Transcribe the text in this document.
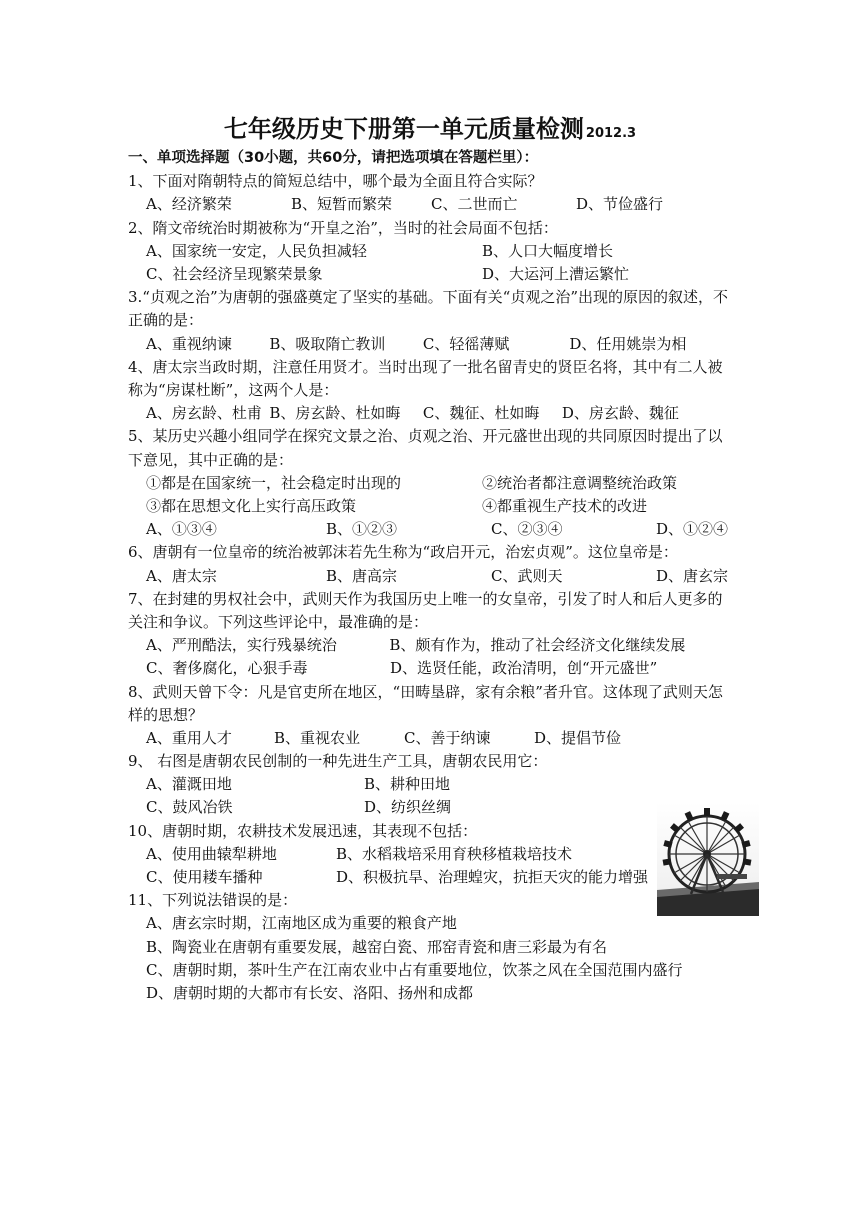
七年级历史下册第一单元质量检测 2012.3
一、单项选择题（30小题，共60分，请把选项填在答题栏里）：
1、下面对隋朝特点的简短总结中，哪个最为全面且符合实际？
A、经济繁荣	B、短暂而繁荣	C、二世而亡	D、节俭盛行
2、隋文帝统治时期被称为“开皇之治”，当时的社会局面不包括：
A、国家统一安定，人民负担减轻	B、人口大幅度增长
C、社会经济呈现繁荣景象	D、大运河上漕运繁忙
3.“贞观之治”为唐朝的强盛奠定了坚实的基础。下面有关“贞观之治”出现的原因的叙述，不正确的是：
A、重视纳谏   	B、吸取隋亡教训   	C、轻徭薄赋    	D、任用姚崇为相
4、唐太宗当政时期，注意任用贤才。当时出现了一批名留青史的贤臣名将，其中有二人被称为“房谋杜断”，这两个人是：
A、房玄龄、杜甫  B、房玄龄、杜如晦   C、魏征、杜如晦   D、房玄龄、魏征
5、某历史兴趣小组同学在探究文景之治、贞观之治、开元盛世出现的共同原因时提出了以下意见，其中正确的是：
①都是在国家统一，社会稳定时出现的	②统治者都注意调整统治政策
③都在思想文化上实行高压政策	④都重视生产技术的改进
A、①③④	B、①②③	C、②③④	D、①②④
6、唐朝有一位皇帝的统治被郭沫若先生称为“政启开元，治宏贞观”。这位皇帝是：
A、唐太宗	B、唐高宗	C、武则天	D、唐玄宗
7、在封建的男权社会中，武则天作为我国历史上唯一的女皇帝，引发了时人和后人更多的关注和争议。下列这些评论中，最准确的是：
A、严刑酷法，实行残暴统治    	B、颇有作为，推动了社会经济文化继续发展
C、奢侈腐化，心狠手毒      	D、选贤任能，政治清明，创“开元盛世”
8、武则天曾下令：凡是官吏所在地区，“田畴垦辟，家有余粮”者升官。这体现了武则天怎样的思想？
A、重用人才	B、重视农业	C、善于纳谏	D、提倡节俭
9、 右图是唐朝农民创制的一种先进生产工具，唐朝农民用它：
A、灌溉田地	B、耕种田地
C、鼓风冶铁	D、纺织丝绸
10、唐朝时期，农耕技术发展迅速，其表现不包括：
A、使用曲辕犁耕地	B、水稻栽培采用育秧移植栽培技术
C、使用耧车播种	D、积极抗旱、治理蝗灾，抗拒天灾的能力增强
11、下列说法错误的是：
A、唐玄宗时期，江南地区成为重要的粮食产地
B、陶瓷业在唐朝有重要发展，越窑白瓷、邢窑青瓷和唐三彩最为有名
C、唐朝时期，茶叶生产在江南农业中占有重要地位，饮茶之风在全国范围内盛行
D、唐朝时期的大都市有长安、洛阳、扬州和成都
